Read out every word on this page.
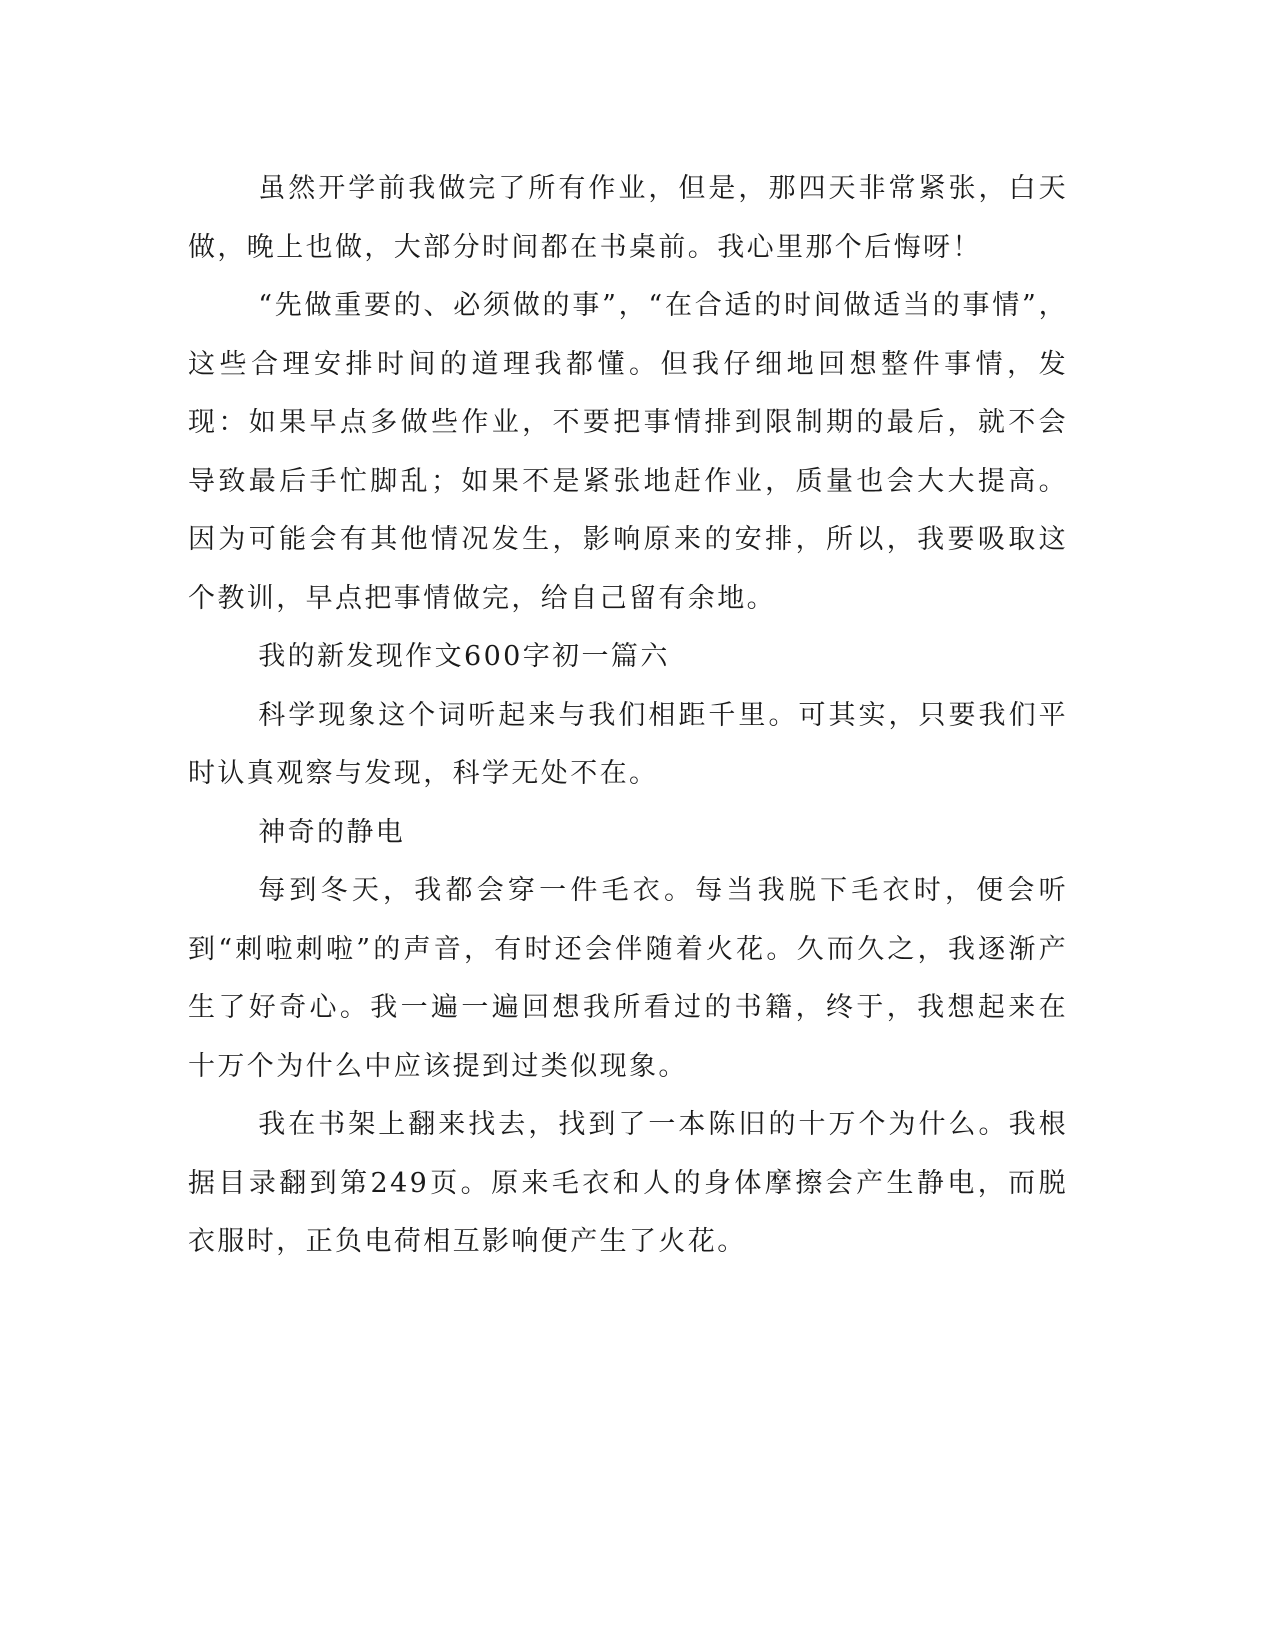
虽然开学前我做完了所有作业，但是，那四天非常紧张，白天做，晚上也做，大部分时间都在书桌前。我心里那个后悔呀！

“先做重要的、必须做的事”，“在合适的时间做适当的事情”，这些合理安排时间的道理我都懂。但我仔细地回想整件事情，发现：如果早点多做些作业，不要把事情排到限制期的最后，就不会导致最后手忙脚乱；如果不是紧张地赶作业，质量也会大大提高。因为可能会有其他情况发生，影响原来的安排，所以，我要吸取这个教训，早点把事情做完，给自己留有余地。

我的新发现作文600字初一篇六

科学现象这个词听起来与我们相距千里。可其实，只要我们平时认真观察与发现，科学无处不在。

神奇的静电

每到冬天，我都会穿一件毛衣。每当我脱下毛衣时，便会听到“刺啦刺啦”的声音，有时还会伴随着火花。久而久之，我逐渐产生了好奇心。我一遍一遍回想我所看过的书籍，终于，我想起来在十万个为什么中应该提到过类似现象。

我在书架上翻来找去，找到了一本陈旧的十万个为什么。我根据目录翻到第249页。原来毛衣和人的身体摩擦会产生静电，而脱衣服时，正负电荷相互影响便产生了火花。
